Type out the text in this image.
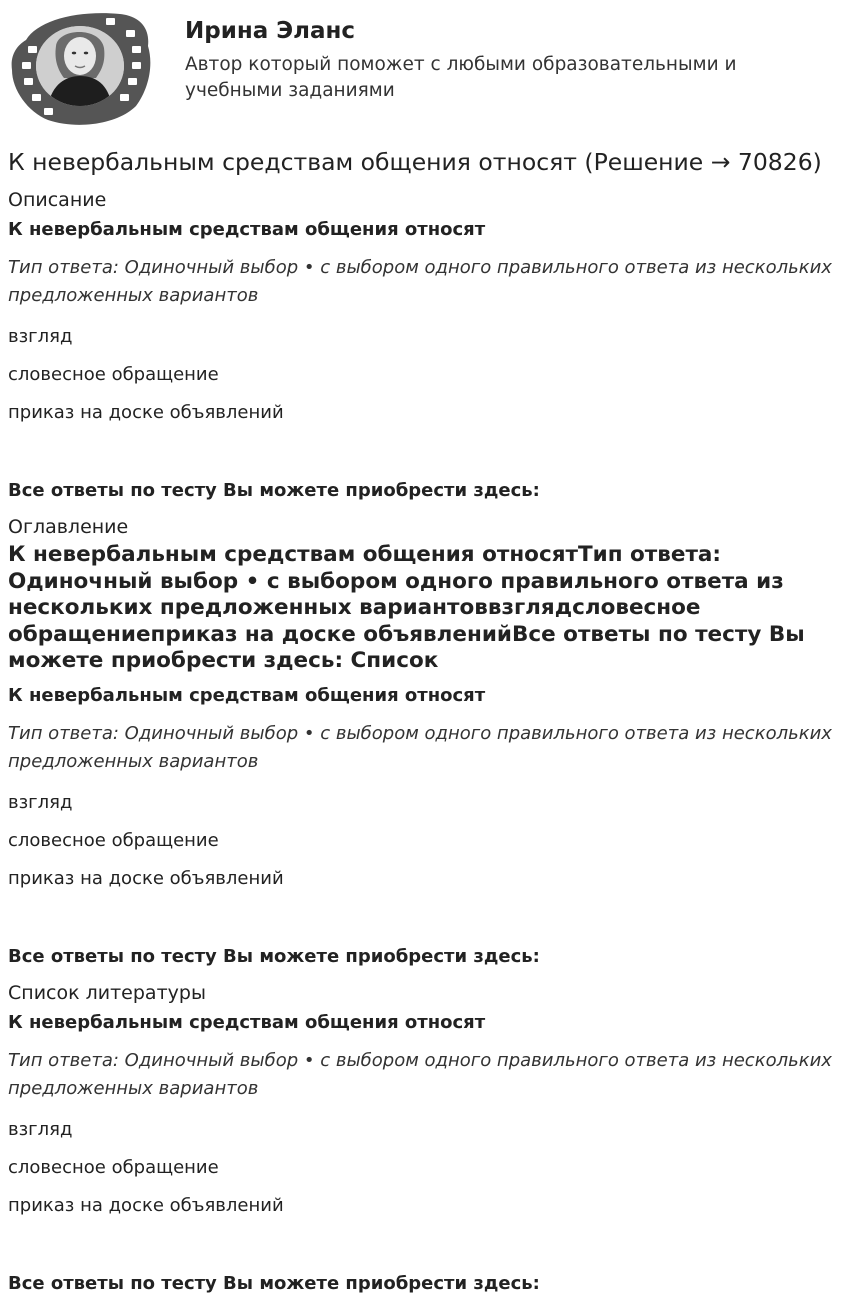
Ирина Эланс
Автор который поможет с любыми образовательными и учебными заданиями
К невербальным средствам общения относят (Решение → 70826)
Описание
К невербальным средствам общения относят
Тип ответа: Одиночный выбор • с выбором одного правильного ответа из нескольких предложенных вариантов
взгляд
словесное обращение
приказ на доске объявлений
Все ответы по тесту Вы можете приобрести здесь:
Оглавление
К невербальным средствам общения относятТип ответа: Одиночный выбор • с выбором одного правильного ответа из нескольких предложенных вариантоввзглядсловесное обращениеприказ на доске объявленийВсе ответы по тесту Вы можете приобрести здесь: Список
К невербальным средствам общения относят
Тип ответа: Одиночный выбор • с выбором одного правильного ответа из нескольких предложенных вариантов
взгляд
словесное обращение
приказ на доске объявлений
Все ответы по тесту Вы можете приобрести здесь:
Список литературы
К невербальным средствам общения относят
Тип ответа: Одиночный выбор • с выбором одного правильного ответа из нескольких предложенных вариантов
взгляд
словесное обращение
приказ на доске объявлений
Все ответы по тесту Вы можете приобрести здесь:
